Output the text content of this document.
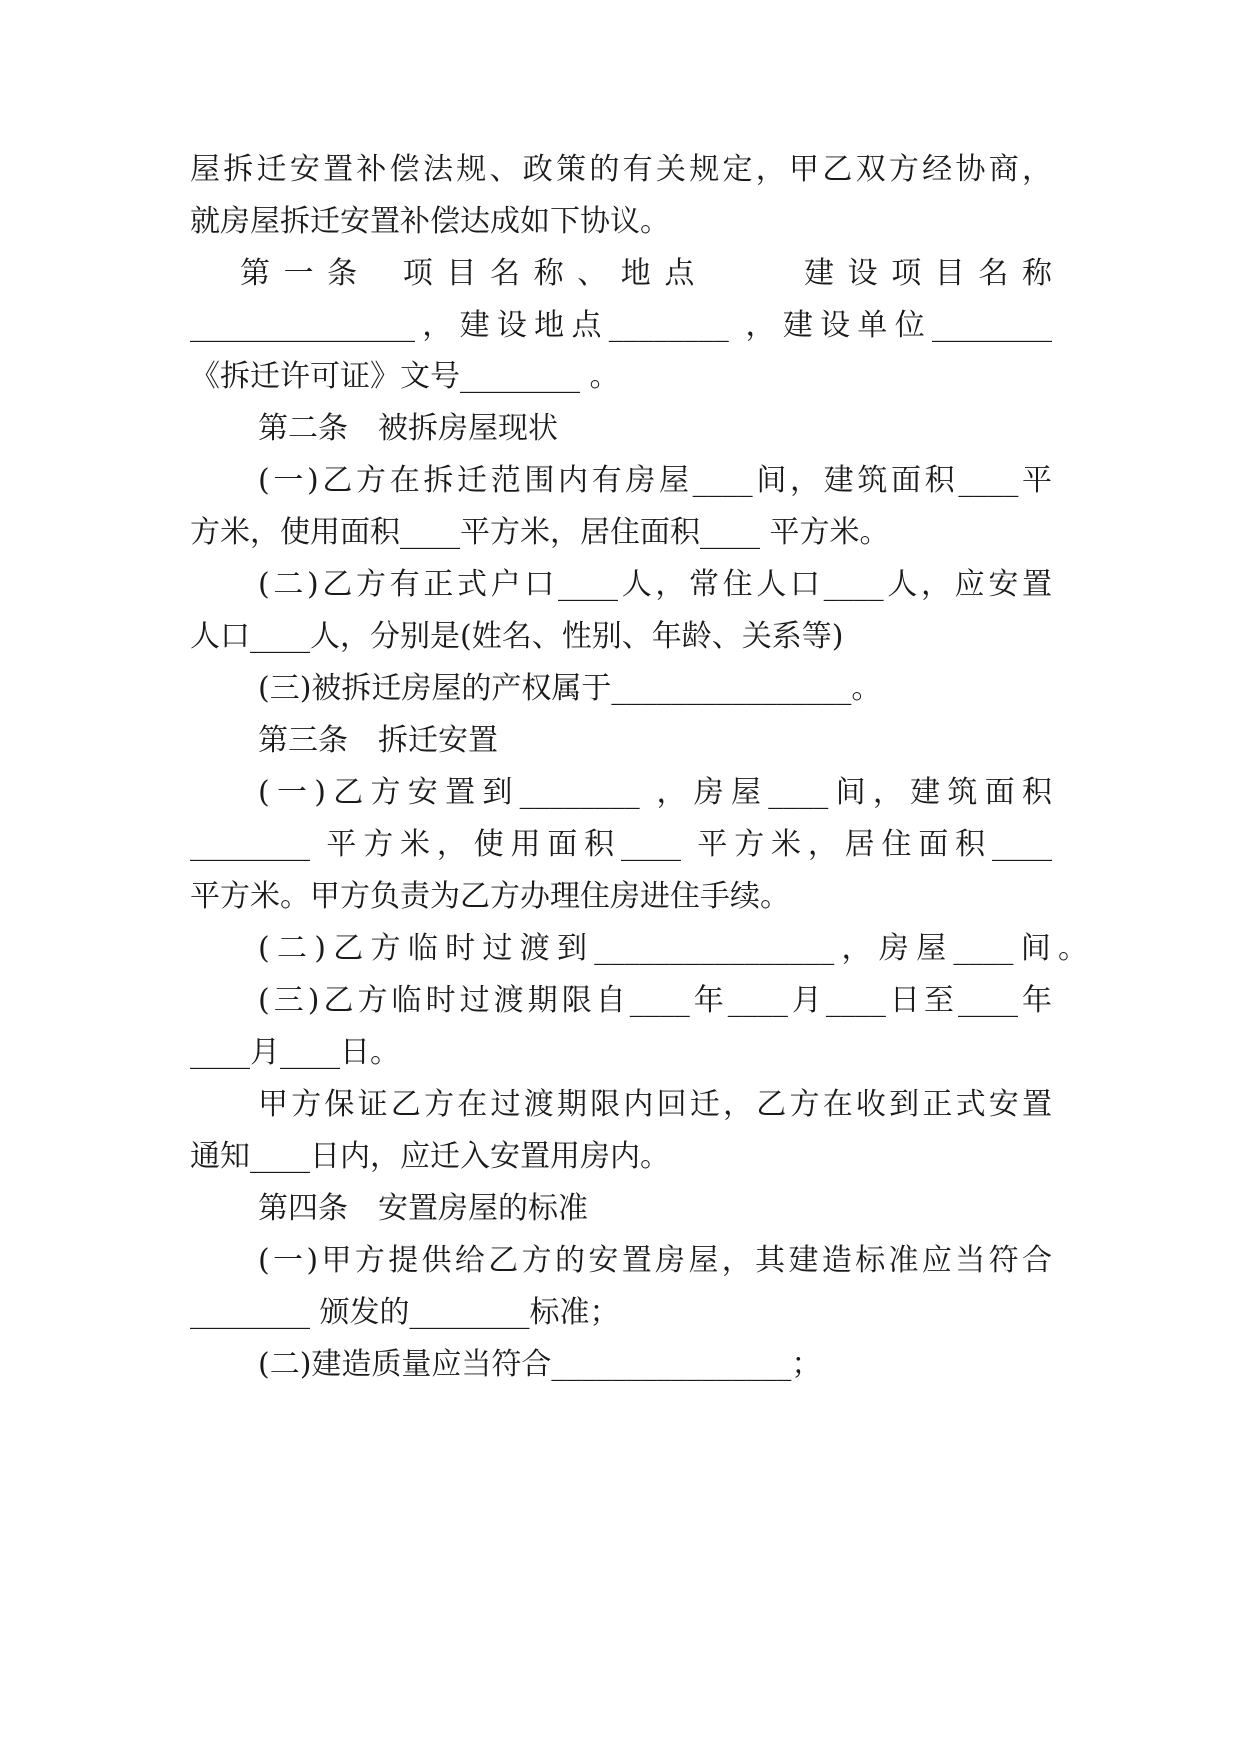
屋拆迁安置补偿法规、政策的有关规定，甲乙双方经协商，
就房屋拆迁安置补偿达成如下协议。
第 一 条　 项 目 名 称 、 地 点　　　 建 设 项 目 名 称
_______________，建设地点________ ，建设单位________
《拆迁许可证》文号________ 。
第二条　被拆房屋现状
(一)乙方在拆迁范围内有房屋____间，建筑面积____平
方米，使用面积____平方米，居住面积____ 平方米。
(二)乙方有正式户口____人，常住人口____人，应安置
人口____人，分别是(姓名、性别、年龄、关系等)
(三)被拆迁房屋的产权属于________________。
第三条　拆迁安置
(一)乙方安置到________ ，房屋____间，建筑面积
________ 平方米，使用面积____ 平方米，居住面积____
平方米。甲方负责为乙方办理住房进住手续。
(二)乙方临时过渡到________________，房屋____间。
(三)乙方临时过渡期限自____年____月____日至____年
____月____日。
甲方保证乙方在过渡期限内回迁，乙方在收到正式安置
通知____日内，应迁入安置用房内。
第四条　安置房屋的标准
(一)甲方提供给乙方的安置房屋，其建造标准应当符合
________ 颁发的________标准；
(二)建造质量应当符合________________；
